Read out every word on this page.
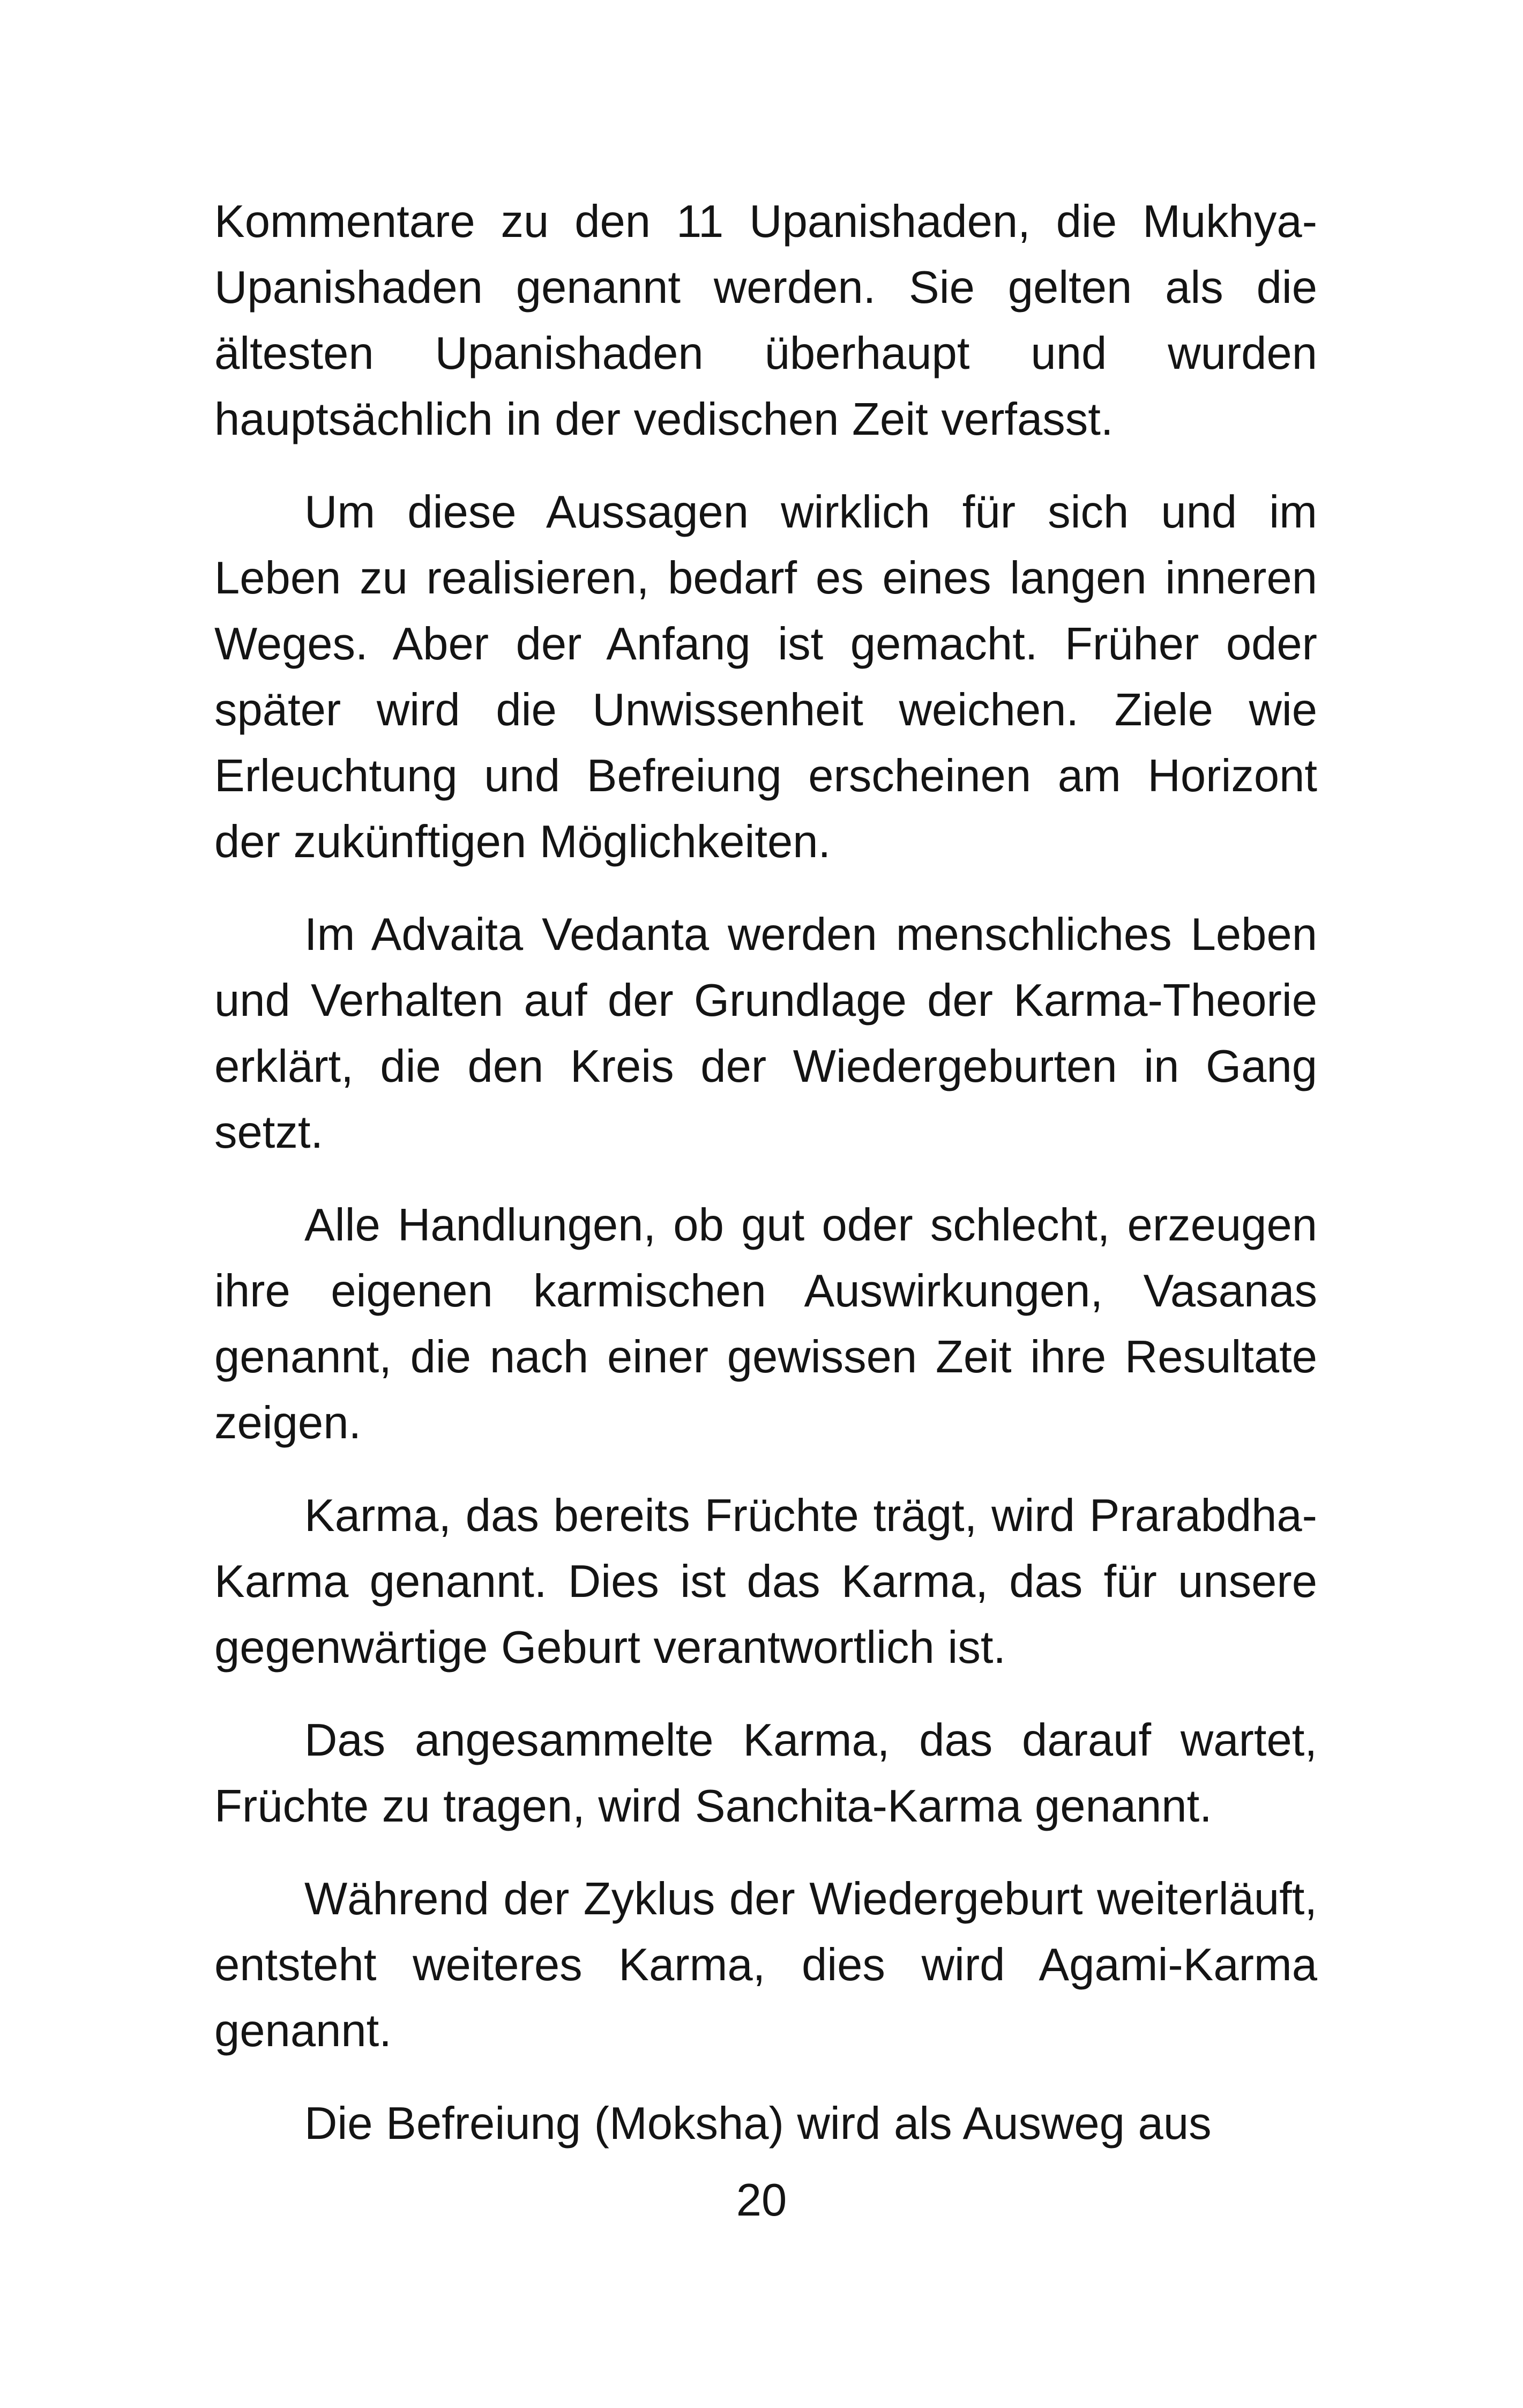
Kommentare zu den 11 Upanishaden, die Mukhya-Upanishaden genannt werden. Sie gelten als die ältesten Upanishaden überhaupt und wurden hauptsächlich in der vedischen Zeit verfasst.

Um diese Aussagen wirklich für sich und im Leben zu realisieren, bedarf es eines langen inneren Weges. Aber der Anfang ist gemacht. Früher oder später wird die Unwissenheit weichen. Ziele wie Erleuchtung und Befreiung erscheinen am Horizont der zukünftigen Möglichkeiten.

Im Advaita Vedanta werden menschliches Leben und Verhalten auf der Grundlage der Karma-Theorie erklärt, die den Kreis der Wiedergeburten in Gang setzt.

Alle Handlungen, ob gut oder schlecht, erzeugen ihre eigenen karmischen Auswirkungen, Vasanas genannt, die nach einer gewissen Zeit ihre Resultate zeigen.

Karma, das bereits Früchte trägt, wird Prarabdha-Karma genannt. Dies ist das Karma, das für unsere gegenwärtige Geburt verantwortlich ist.

Das angesammelte Karma, das darauf wartet, Früchte zu tragen, wird Sanchita-Karma genannt.

Während der Zyklus der Wiedergeburt weiterläuft, entsteht weiteres Karma, dies wird Agami-Karma genannt.

Die Befreiung (Moksha) wird als Ausweg aus

20
